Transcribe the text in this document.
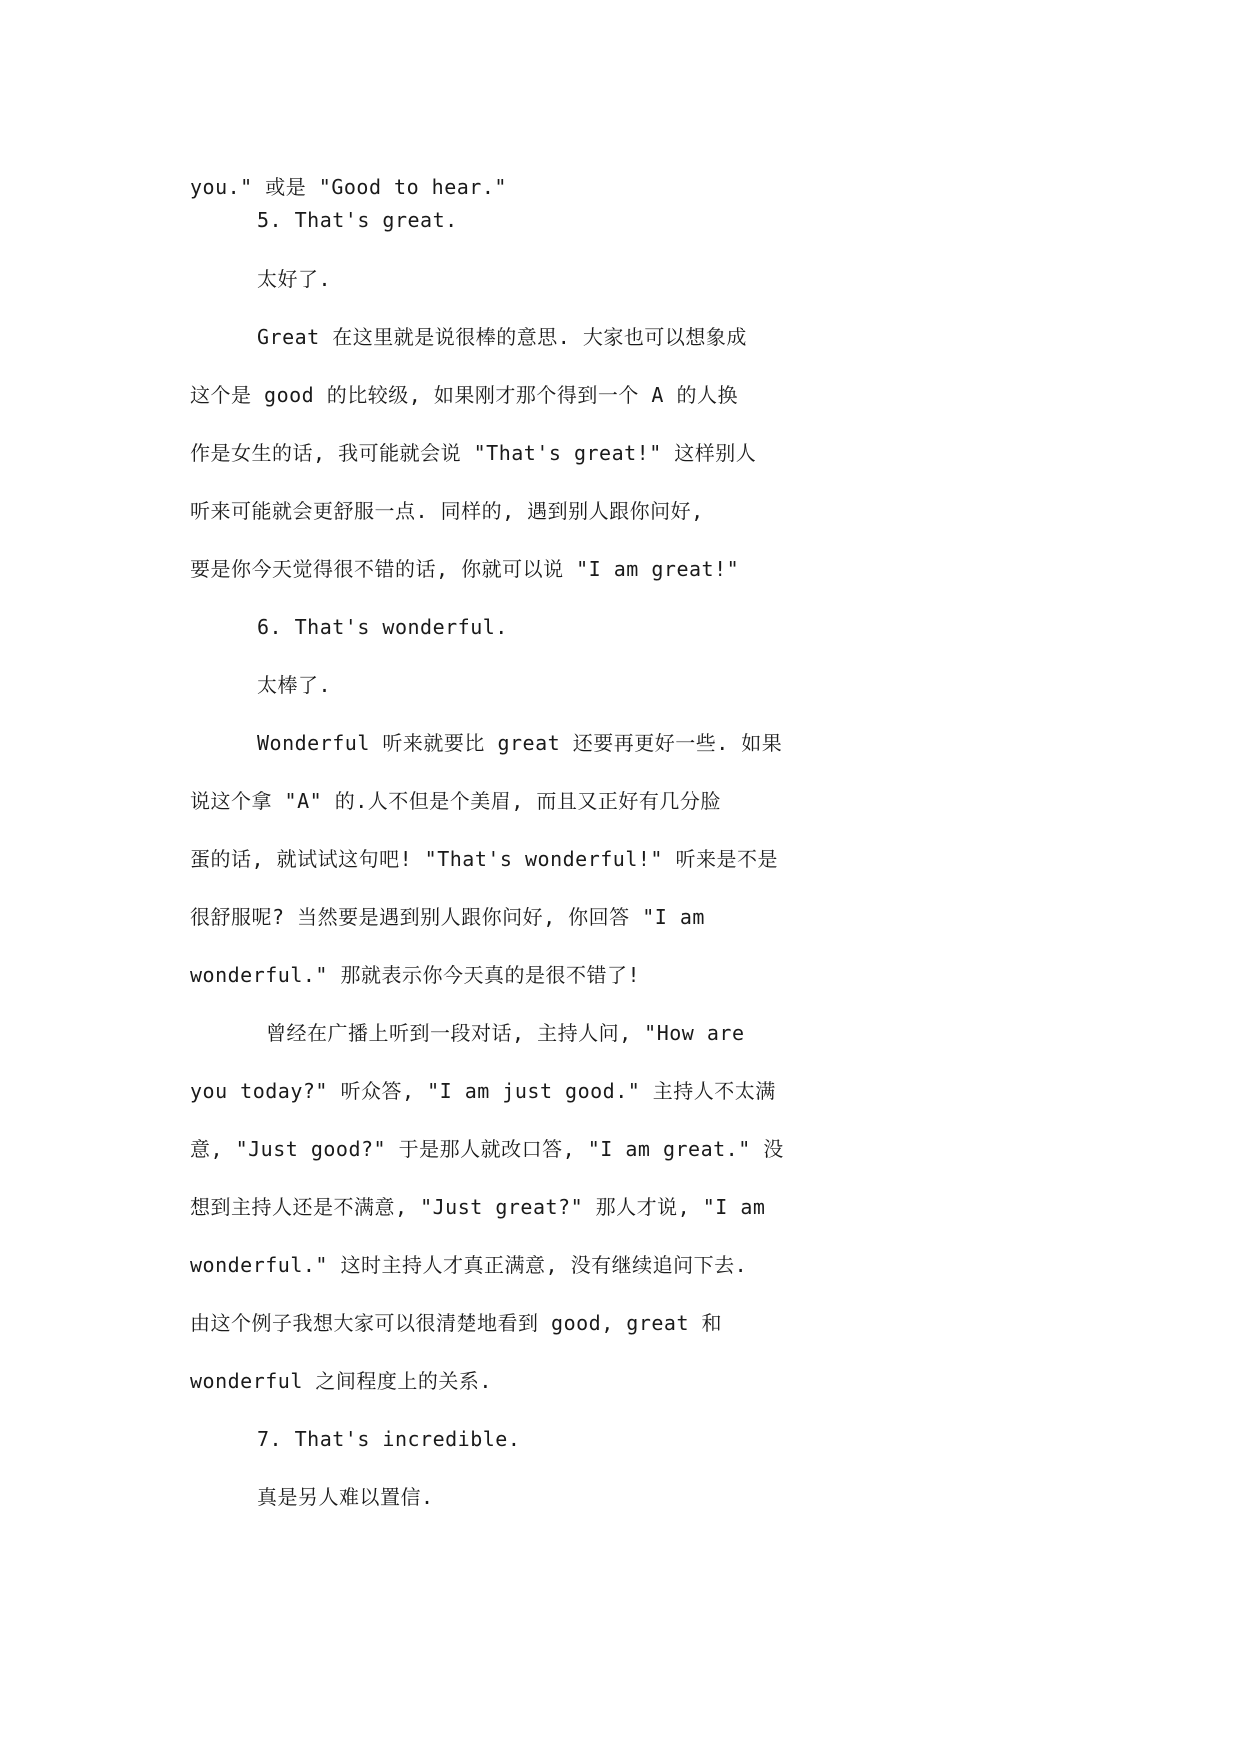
you." 或是 "Good to hear."

5. That's great.

太好了.

Great 在这里就是说很棒的意思. 大家也可以想象成

这个是 good 的比较级, 如果刚才那个得到一个 A 的人换

作是女生的话, 我可能就会说 "That's great!" 这样别人

听来可能就会更舒服一点. 同样的, 遇到别人跟你问好,

要是你今天觉得很不错的话, 你就可以说 "I am great!"

6. That's wonderful.

太棒了.

Wonderful 听来就要比 great 还要再更好一些. 如果

说这个拿 "A" 的.人不但是个美眉, 而且又正好有几分脸

蛋的话, 就试试这句吧! "That's wonderful!" 听来是不是

很舒服呢? 当然要是遇到别人跟你问好, 你回答 "I am

wonderful." 那就表示你今天真的是很不错了!

曾经在广播上听到一段对话, 主持人问, "How are

you today?" 听众答, "I am just good." 主持人不太满

意, "Just good?" 于是那人就改口答, "I am great." 没

想到主持人还是不满意, "Just great?" 那人才说, "I am

wonderful." 这时主持人才真正满意, 没有继续追问下去.

由这个例子我想大家可以很清楚地看到 good, great 和

wonderful 之间程度上的关系.

7. That's incredible.

真是另人难以置信.
